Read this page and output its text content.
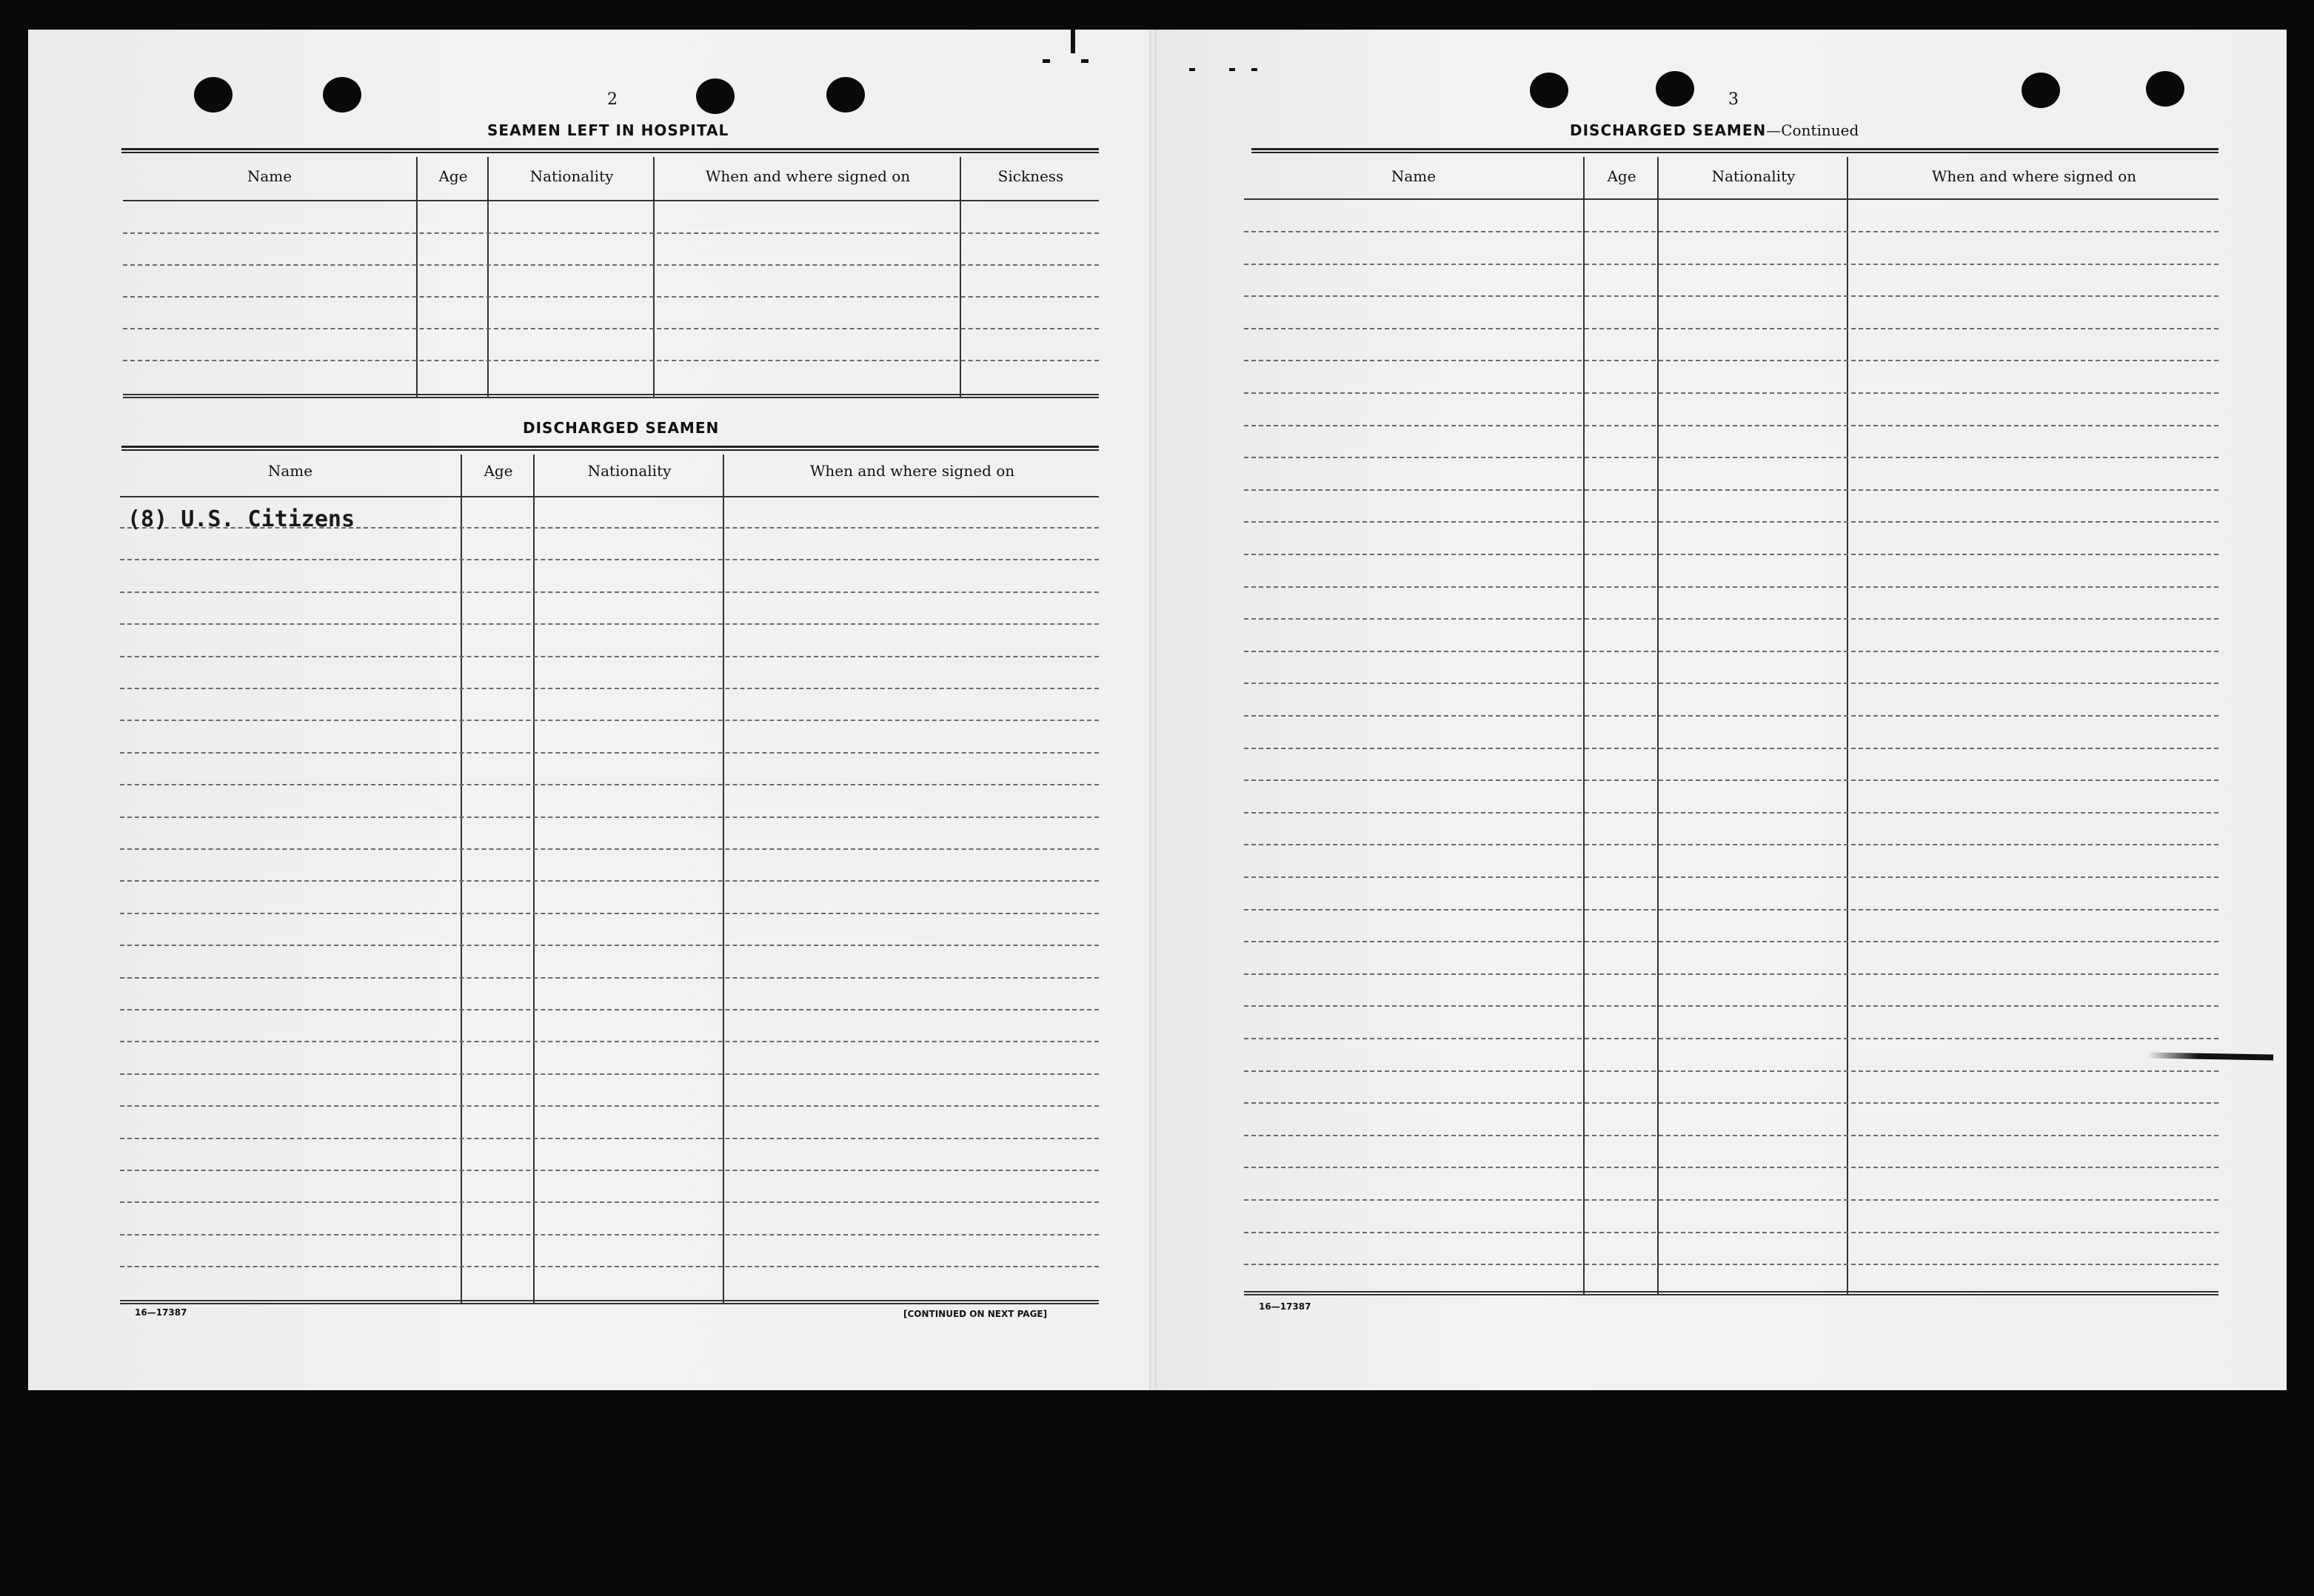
2
SEAMEN LEFT IN HOSPITAL
Name	Age	Nationality	When and where signed on	Sickness
DISCHARGED SEAMEN
Name	Age	Nationality	When and where signed on
(8) U.S. Citizens
16—17387	[CONTINUED ON NEXT PAGE]
3
DISCHARGED SEAMEN—Continued
Name	Age	Nationality	When and where signed on
16—17387
